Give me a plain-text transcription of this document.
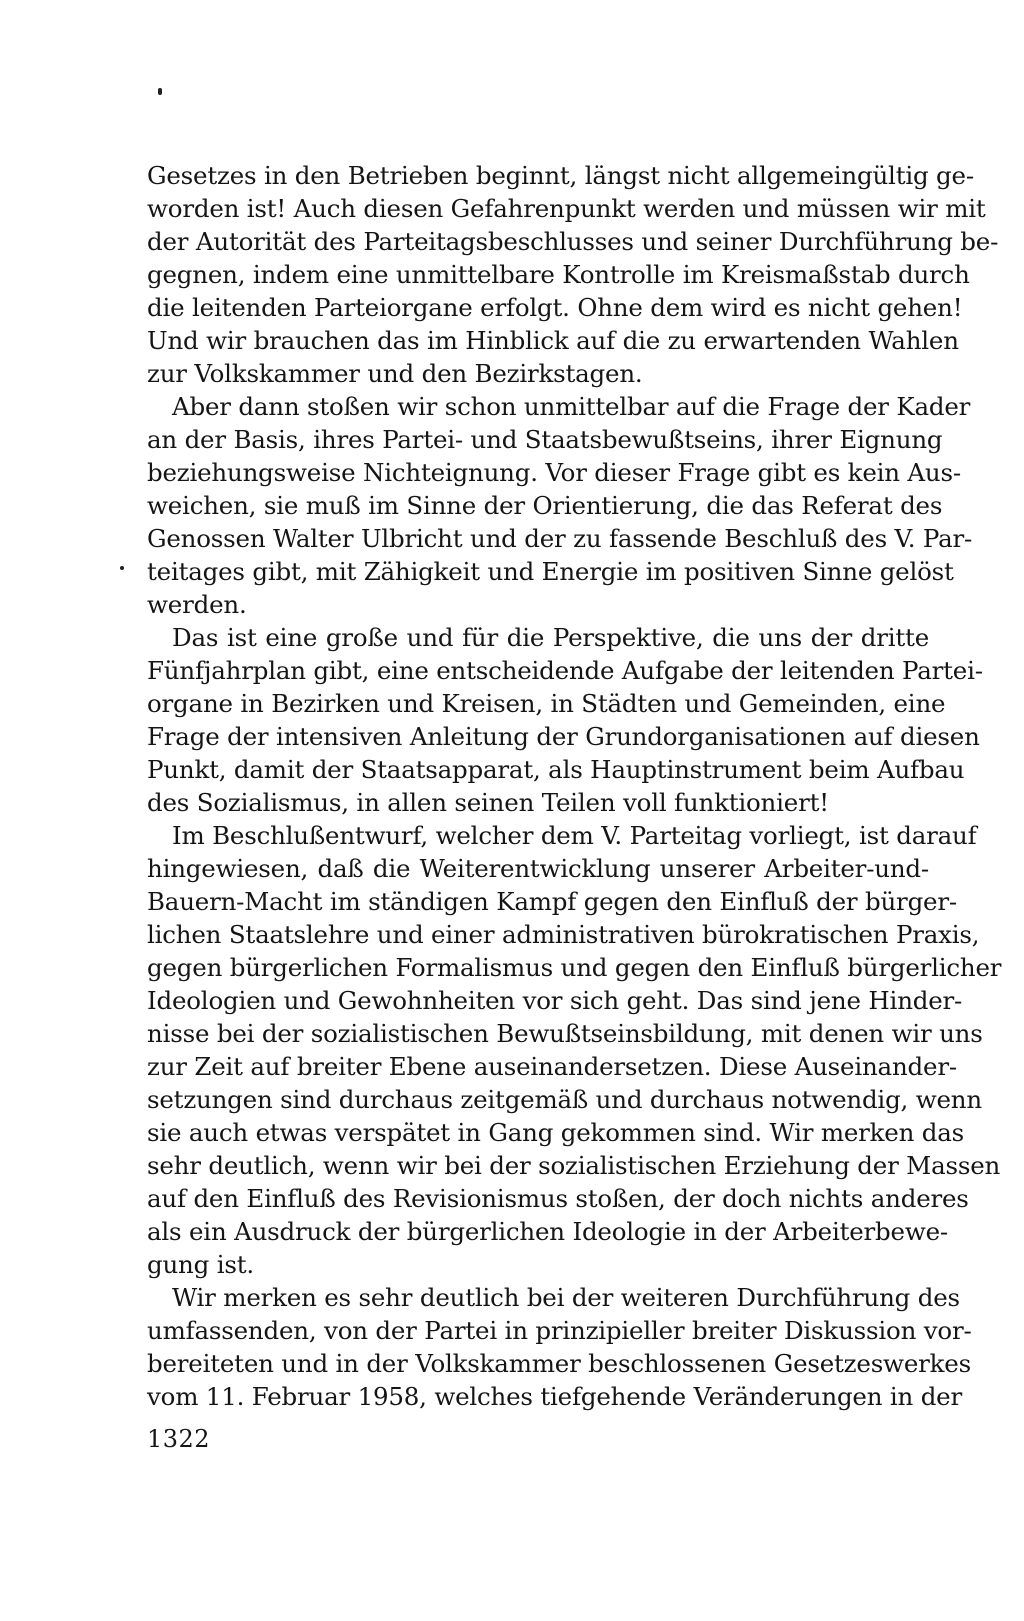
Gesetzes in den Betrieben beginnt, längst nicht allgemeingültig ge-
worden ist! Auch diesen Gefahrenpunkt werden und müssen wir mit
der Autorität des Parteitagsbeschlusses und seiner Durchführung be-
gegnen, indem eine unmittelbare Kontrolle im Kreismaßstab durch
die leitenden Parteiorgane erfolgt. Ohne dem wird es nicht gehen!
Und wir brauchen das im Hinblick auf die zu erwartenden Wahlen
zur Volkskammer und den Bezirkstagen.
Aber dann stoßen wir schon unmittelbar auf die Frage der Kader
an der Basis, ihres Partei- und Staatsbewußtseins, ihrer Eignung
beziehungsweise Nichteignung. Vor dieser Frage gibt es kein Aus-
weichen, sie muß im Sinne der Orientierung, die das Referat des
Genossen Walter Ulbricht und der zu fassende Beschluß des V. Par-
teitages gibt, mit Zähigkeit und Energie im positiven Sinne gelöst
werden.
Das ist eine große und für die Perspektive, die uns der dritte
Fünfjahrplan gibt, eine entscheidende Aufgabe der leitenden Partei-
organe in Bezirken und Kreisen, in Städten und Gemeinden, eine
Frage der intensiven Anleitung der Grundorganisationen auf diesen
Punkt, damit der Staatsapparat, als Hauptinstrument beim Aufbau
des Sozialismus, in allen seinen Teilen voll funktioniert!
Im Beschlußentwurf, welcher dem V. Parteitag vorliegt, ist darauf
hingewiesen, daß die Weiterentwicklung unserer Arbeiter-und-
Bauern-Macht im ständigen Kampf gegen den Einfluß der bürger-
lichen Staatslehre und einer administrativen bürokratischen Praxis,
gegen bürgerlichen Formalismus und gegen den Einfluß bürgerlicher
Ideologien und Gewohnheiten vor sich geht. Das sind jene Hinder-
nisse bei der sozialistischen Bewußtseinsbildung, mit denen wir uns
zur Zeit auf breiter Ebene auseinandersetzen. Diese Auseinander-
setzungen sind durchaus zeitgemäß und durchaus notwendig, wenn
sie auch etwas verspätet in Gang gekommen sind. Wir merken das
sehr deutlich, wenn wir bei der sozialistischen Erziehung der Massen
auf den Einfluß des Revisionismus stoßen, der doch nichts anderes
als ein Ausdruck der bürgerlichen Ideologie in der Arbeiterbewe-
gung ist.
Wir merken es sehr deutlich bei der weiteren Durchführung des
umfassenden, von der Partei in prinzipieller breiter Diskussion vor-
bereiteten und in der Volkskammer beschlossenen Gesetzeswerkes
vom 11. Februar 1958, welches tiefgehende Veränderungen in der
1322
